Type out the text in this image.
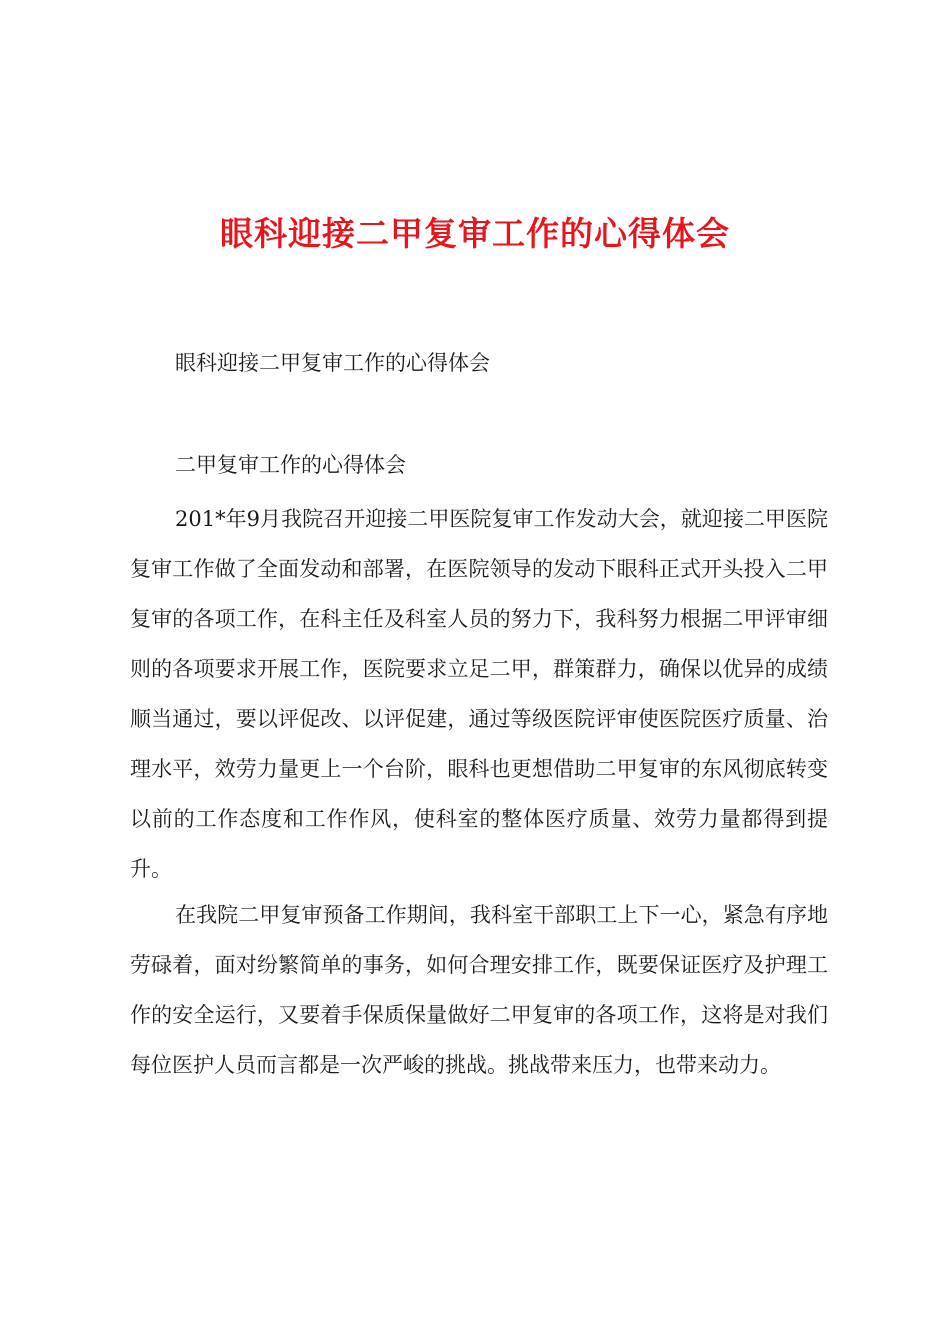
眼科迎接二甲复审工作的心得体会

眼科迎接二甲复审工作的心得体会

二甲复审工作的心得体会

201*年9月我院召开迎接二甲医院复审工作发动大会，就迎接二甲医院复审工作做了全面发动和部署，在医院领导的发动下眼科正式开头投入二甲复审的各项工作，在科主任及科室人员的努力下，我科努力根据二甲评审细则的各项要求开展工作，医院要求立足二甲，群策群力，确保以优异的成绩顺当通过，要以评促改、以评促建，通过等级医院评审使医院医疗质量、治理水平，效劳力量更上一个台阶，眼科也更想借助二甲复审的东风彻底转变以前的工作态度和工作作风，使科室的整体医疗质量、效劳力量都得到提升。

在我院二甲复审预备工作期间，我科室干部职工上下一心，紧急有序地劳碌着，面对纷繁简单的事务，如何合理安排工作，既要保证医疗及护理工作的安全运行，又要着手保质保量做好二甲复审的各项工作，这将是对我们每位医护人员而言都是一次严峻的挑战。挑战带来压力，也带来动力。
